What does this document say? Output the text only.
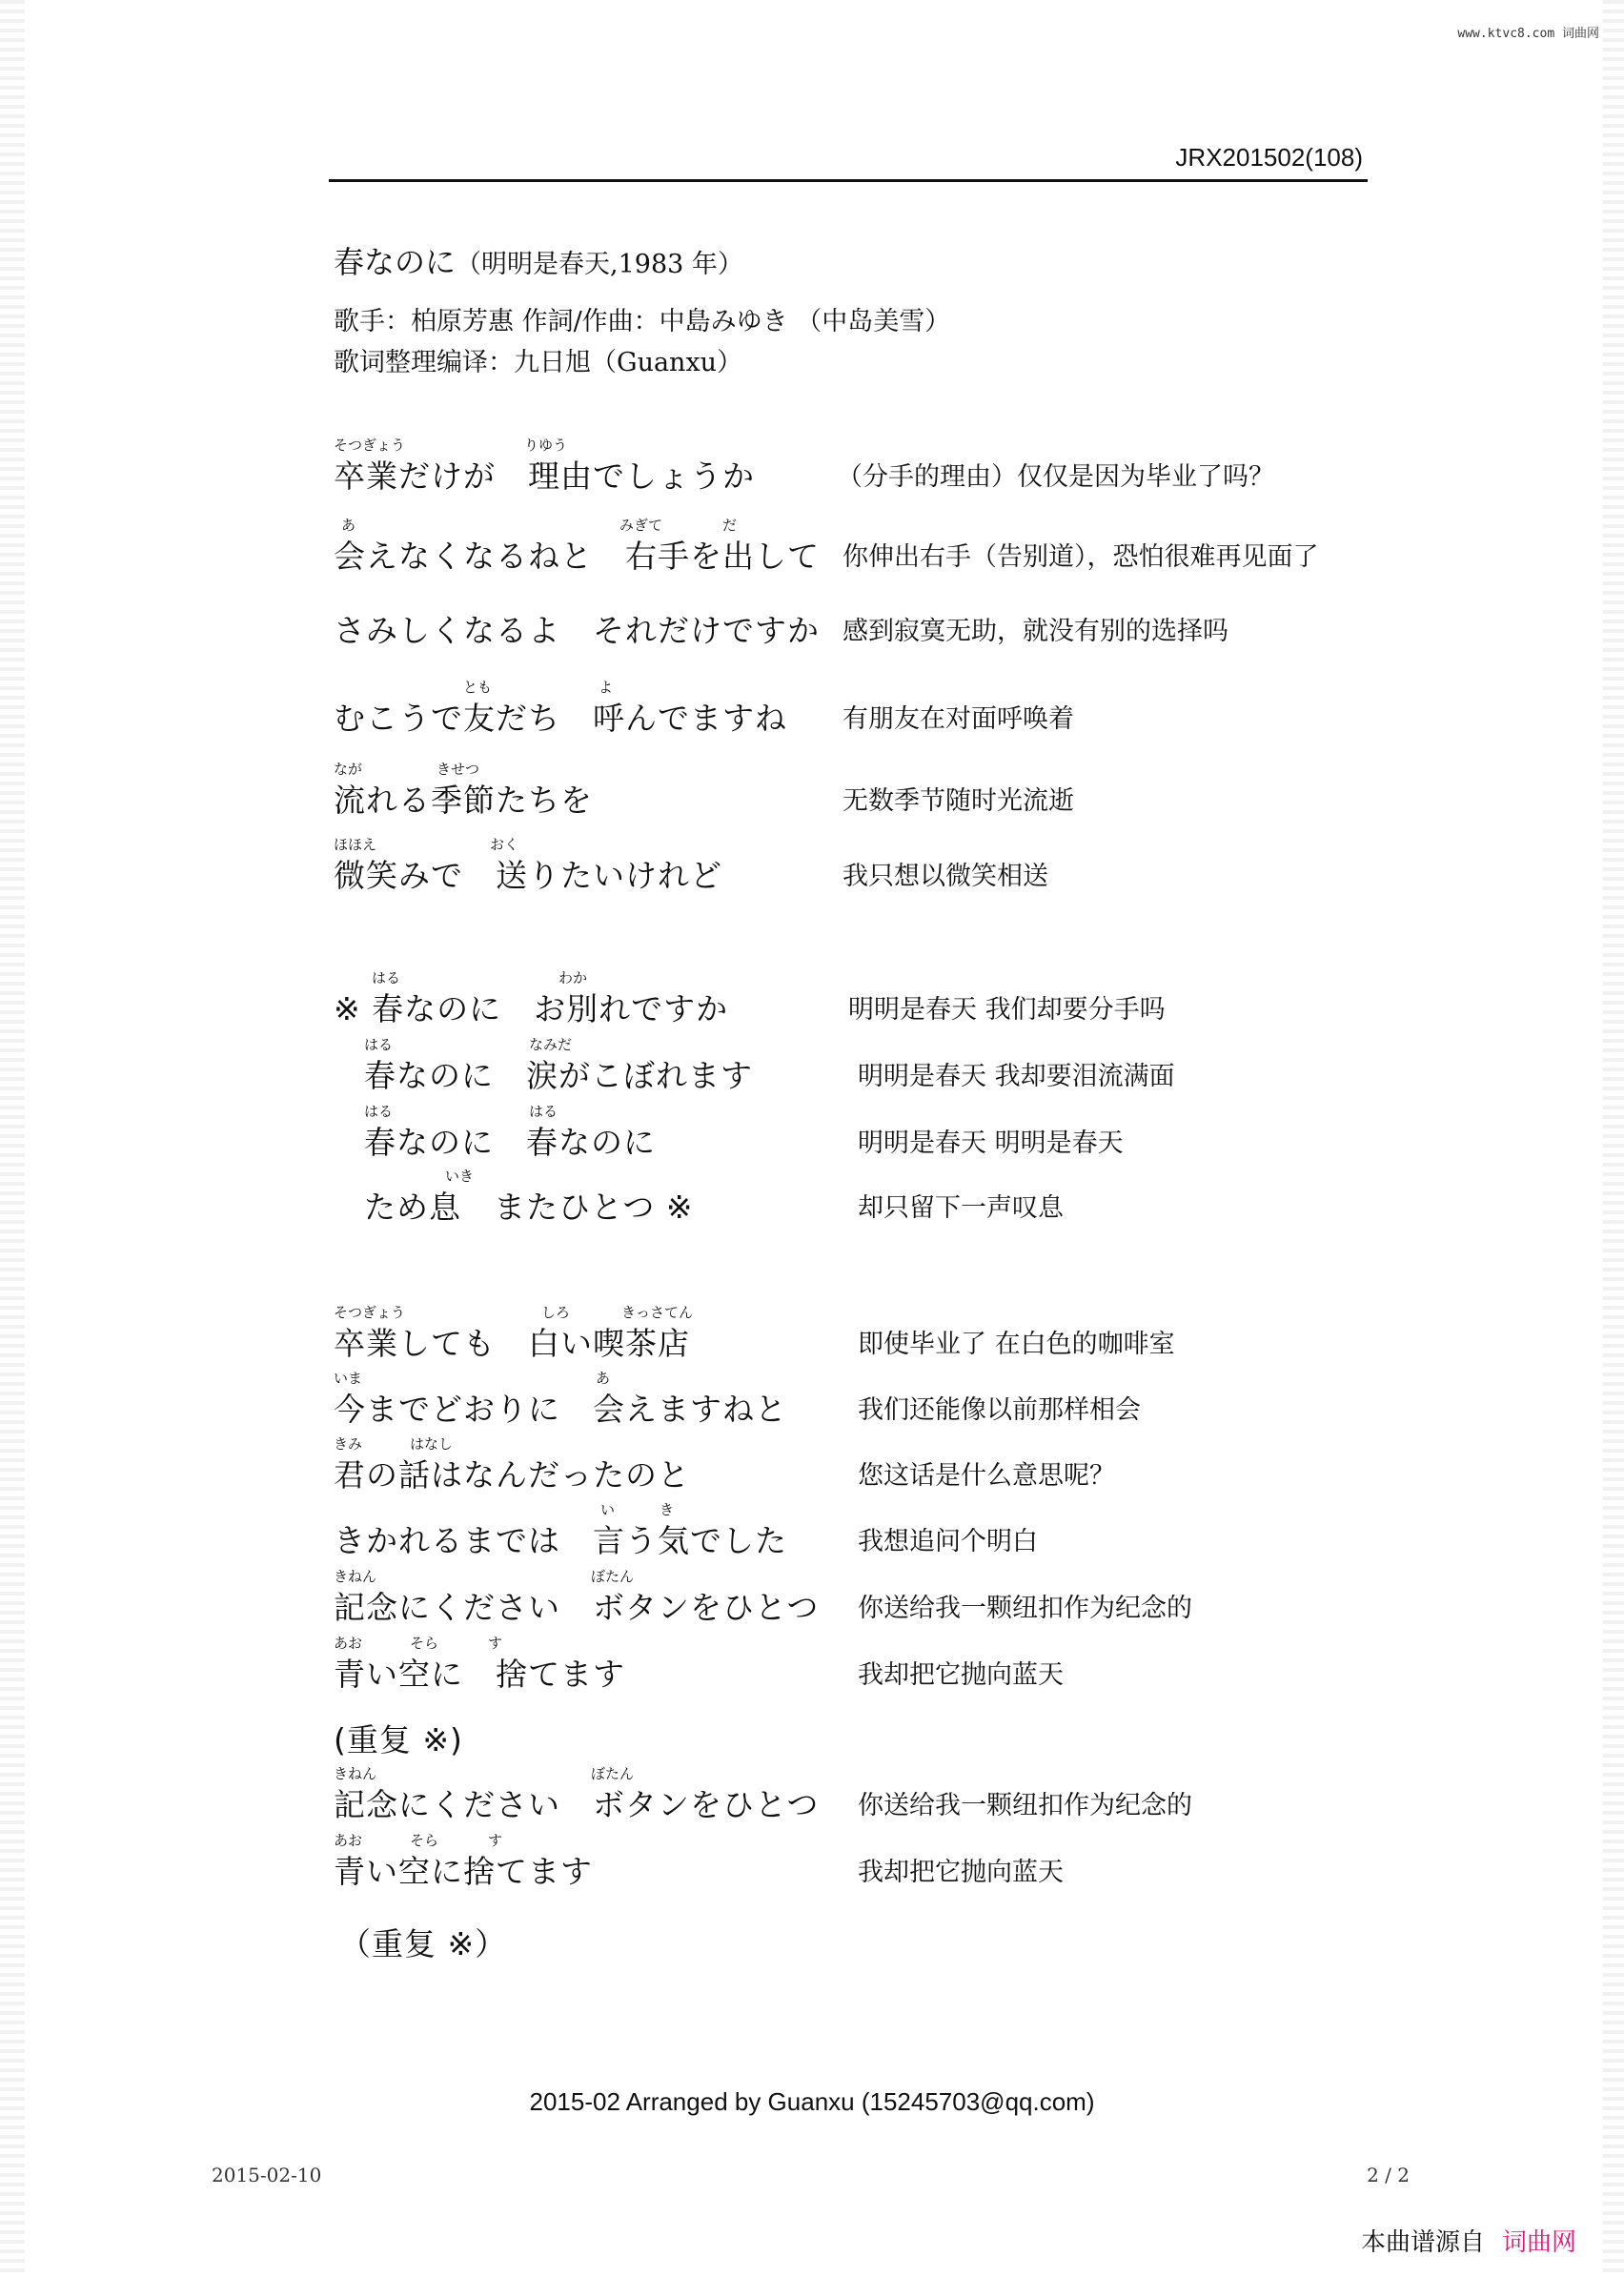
www.ktvc8.com 词曲网
JRX201502(108)
春なのに（明明是春天,1983 年）
歌手：柏原芳惠 作詞/作曲：中島みゆき （中岛美雪）
歌词整理编译：九日旭（Guanxu）
そつぎょう	りゆう
卒業だけが　理由でしょうか	（分手的理由）仅仅是因为毕业了吗？
あ	みぎて	だ
会えなくなるねと　右手を出して 你伸出右手（告别道），恐怕很难再见面了
さみしくなるよ　それだけですか 感到寂寞无助，就没有别的选择吗
とも	よ
むこうで友だち　呼んでますね 有朋友在对面呼唤着
なが	きせつ
流れる季節たちを	无数季节随时光流逝
ほほえ	おく
微笑みで　送りたいけれど	我只想以微笑相送
はる	わか
※ 春なのに　お別れですか	明明是春天 我们却要分手吗
はる	なみだ
春なのに　涙がこぼれます	明明是春天 我却要泪流满面
はる	はる
春なのに　春なのに	明明是春天 明明是春天
いき
ため息　またひとつ ※	却只留下一声叹息
そつぎょう	しろ	きっさてん
卒業しても　白い喫茶店	即使毕业了 在白色的咖啡室
いま	あ
今までどおりに　会えますねと	我们还能像以前那样相会
きみ	はなし
君の話はなんだったのと	您这话是什么意思呢？
い	き
きかれるまでは　言う気でした	我想追问个明白
きねん	ぼたん
記念にください　ボタンをひとつ 你送给我一颗纽扣作为纪念的
あお	そら	す
青い空に　捨てます	我却把它抛向蓝天
(重复 ※)
きねん	ぼたん
記念にください　ボタンをひとつ 你送给我一颗纽扣作为纪念的
あお	そら	す
青い空に捨てます	我却把它抛向蓝天
（重复 ※）
2015-02 Arranged by Guanxu (15245703@qq.com)
2015-02-10	2 / 2
本曲谱源自 词曲网
